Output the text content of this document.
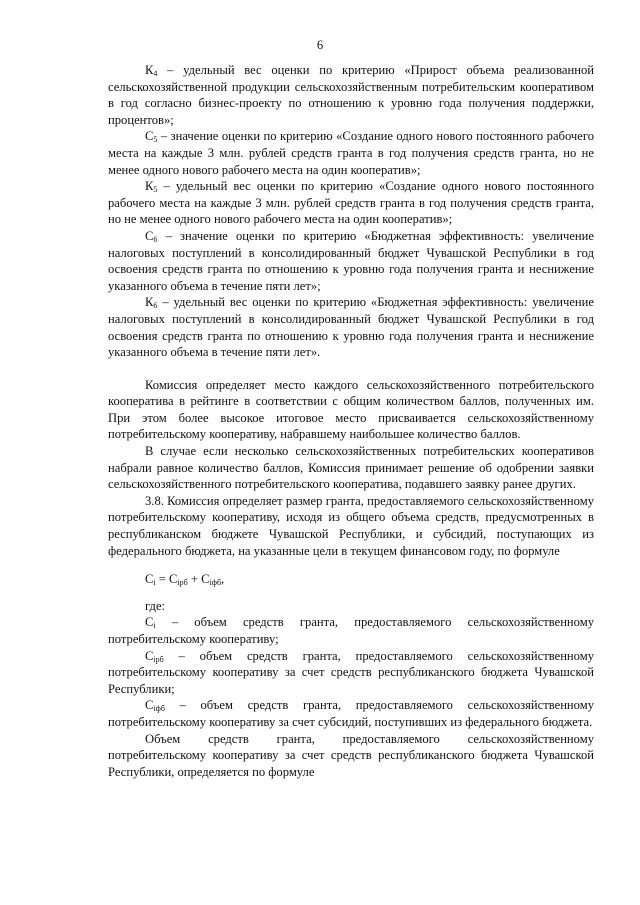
6

$К_4$ – удельный вес оценки по критерию «Прирост объема реализованной сельскохозяйственной продукции сельскохозяйственным потребительским кооперативом в год согласно бизнес-проекту по отношению к уровню года получения поддержки, процентов»;

$С_5$ – значение оценки по критерию «Создание одного нового постоянного рабочего места на каждые 3 млн. рублей средств гранта в год получения средств гранта, но не менее одного нового рабочего места на один кооператив»;

$К_5$ – удельный вес оценки по критерию «Создание одного нового постоянного рабочего места на каждые 3 млн. рублей средств гранта в год получения средств гранта, но не менее одного нового рабочего места на один кооператив»;

$С_6$ – значение оценки по критерию «Бюджетная эффективность: увеличение налоговых поступлений в консолидированный бюджет Чувашской Республики в год освоения средств гранта по отношению к уровню года получения гранта и неснижение указанного объема в течение пяти лет»;

$К_6$ – удельный вес оценки по критерию «Бюджетная эффективность: увеличение налоговых поступлений в консолидированный бюджет Чувашской Республики в год освоения средств гранта по отношению к уровню года получения гранта и неснижение указанного объема в течение пяти лет».

Комиссия определяет место каждого сельскохозяйственного потребительского кооператива в рейтинге в соответствии с общим количеством баллов, полученных им. При этом более высокое итоговое место присваивается сельскохозяйственному потребительскому кооперативу, набравшему наибольшее количество баллов.

В случае если несколько сельскохозяйственных потребительских кооперативов набрали равное количество баллов, Комиссия принимает решение об одобрении заявки сельскохозяйственного потребительского кооператива, подавшего заявку ранее других.

3.8. Комиссия определяет размер гранта, предоставляемого сельскохозяйственному потребительскому кооперативу, исходя из общего объема средств, предусмотренных в республиканском бюджете Чувашской Республики, и субсидий, поступающих из федерального бюджета, на указанные цели в текущем финансовом году, по формуле

$С_i = С_{iрб} + С_{iфб}$,

где:

$С_i$ – объем средств гранта, предоставляемого сельскохозяйственному потребительскому кооперативу;

$С_{iрб}$ – объем средств гранта, предоставляемого сельскохозяйственному потребительскому кооперативу за счет средств республиканского бюджета Чувашской Республики;

$С_{iфб}$ – объем средств гранта, предоставляемого сельскохозяйственному потребительскому кооперативу за счет субсидий, поступивших из федерального бюджета.

Объем средств гранта, предоставляемого сельскохозяйственному потребительскому кооперативу за счет средств республиканского бюджета Чувашской Республики, определяется по формуле
